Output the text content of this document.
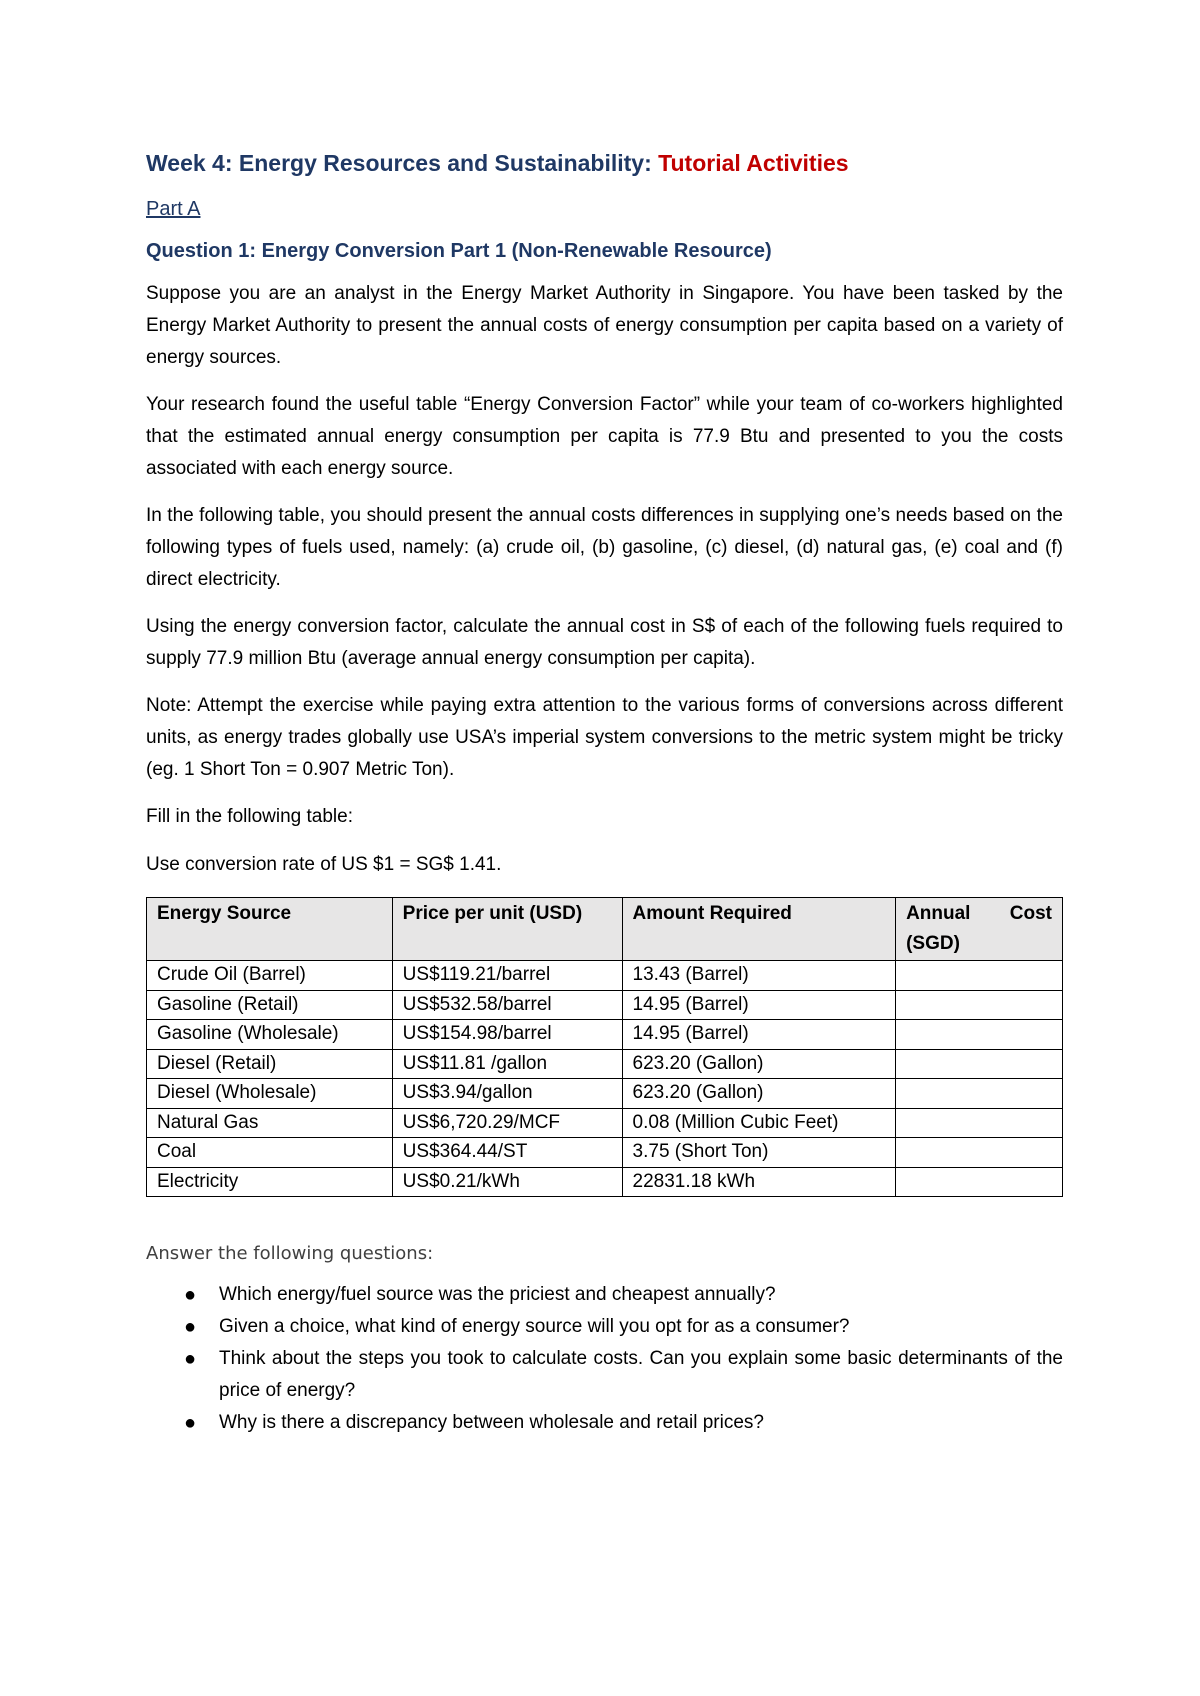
Week 4: Energy Resources and Sustainability: Tutorial Activities
Part A
Question 1: Energy Conversion Part 1 (Non-Renewable Resource)

Suppose you are an analyst in the Energy Market Authority in Singapore. You have been tasked by the Energy Market Authority to present the annual costs of energy consumption per capita based on a variety of energy sources.

Your research found the useful table “Energy Conversion Factor” while your team of co-workers highlighted that the estimated annual energy consumption per capita is 77.9 Btu and presented to you the costs associated with each energy source.

In the following table, you should present the annual costs differences in supplying one’s needs based on the following types of fuels used, namely: (a) crude oil, (b) gasoline, (c) diesel, (d) natural gas, (e) coal and (f) direct electricity.

Using the energy conversion factor, calculate the annual cost in S$ of each of the following fuels required to supply 77.9 million Btu (average annual energy consumption per capita).

Note: Attempt the exercise while paying extra attention to the various forms of conversions across different units, as energy trades globally use USA’s imperial system conversions to the metric system might be tricky (eg. 1 Short Ton = 0.907 Metric Ton).

Fill in the following table:

Use conversion rate of US $1 = SG$ 1.41.

Energy Source	Price per unit (USD)	Amount Required	Annual Cost
(SGD)

Crude Oil (Barrel)	US$119.21/barrel	13.43 (Barrel)	
Gasoline (Retail)	US$532.58/barrel	14.95 (Barrel)	
Gasoline (Wholesale)	US$154.98/barrel	14.95 (Barrel)	
Diesel (Retail)	US$11.81 /gallon	623.20 (Gallon)	
Diesel (Wholesale)	US$3.94/gallon	623.20 (Gallon)	
Natural Gas	US$6,720.29/MCF	0.08 (Million Cubic Feet)	
Coal	US$364.44/ST	3.75 (Short Ton)	
Electricity	US$0.21/kWh	22831.18 kWh	
Answer the following questions:
● Which energy/fuel source was the priciest and cheapest annually?
● Given a choice, what kind of energy source will you opt for as a consumer?
● Think about the steps you took to calculate costs. Can you explain some basic determinants of the price of energy?
● Why is there a discrepancy between wholesale and retail prices?
